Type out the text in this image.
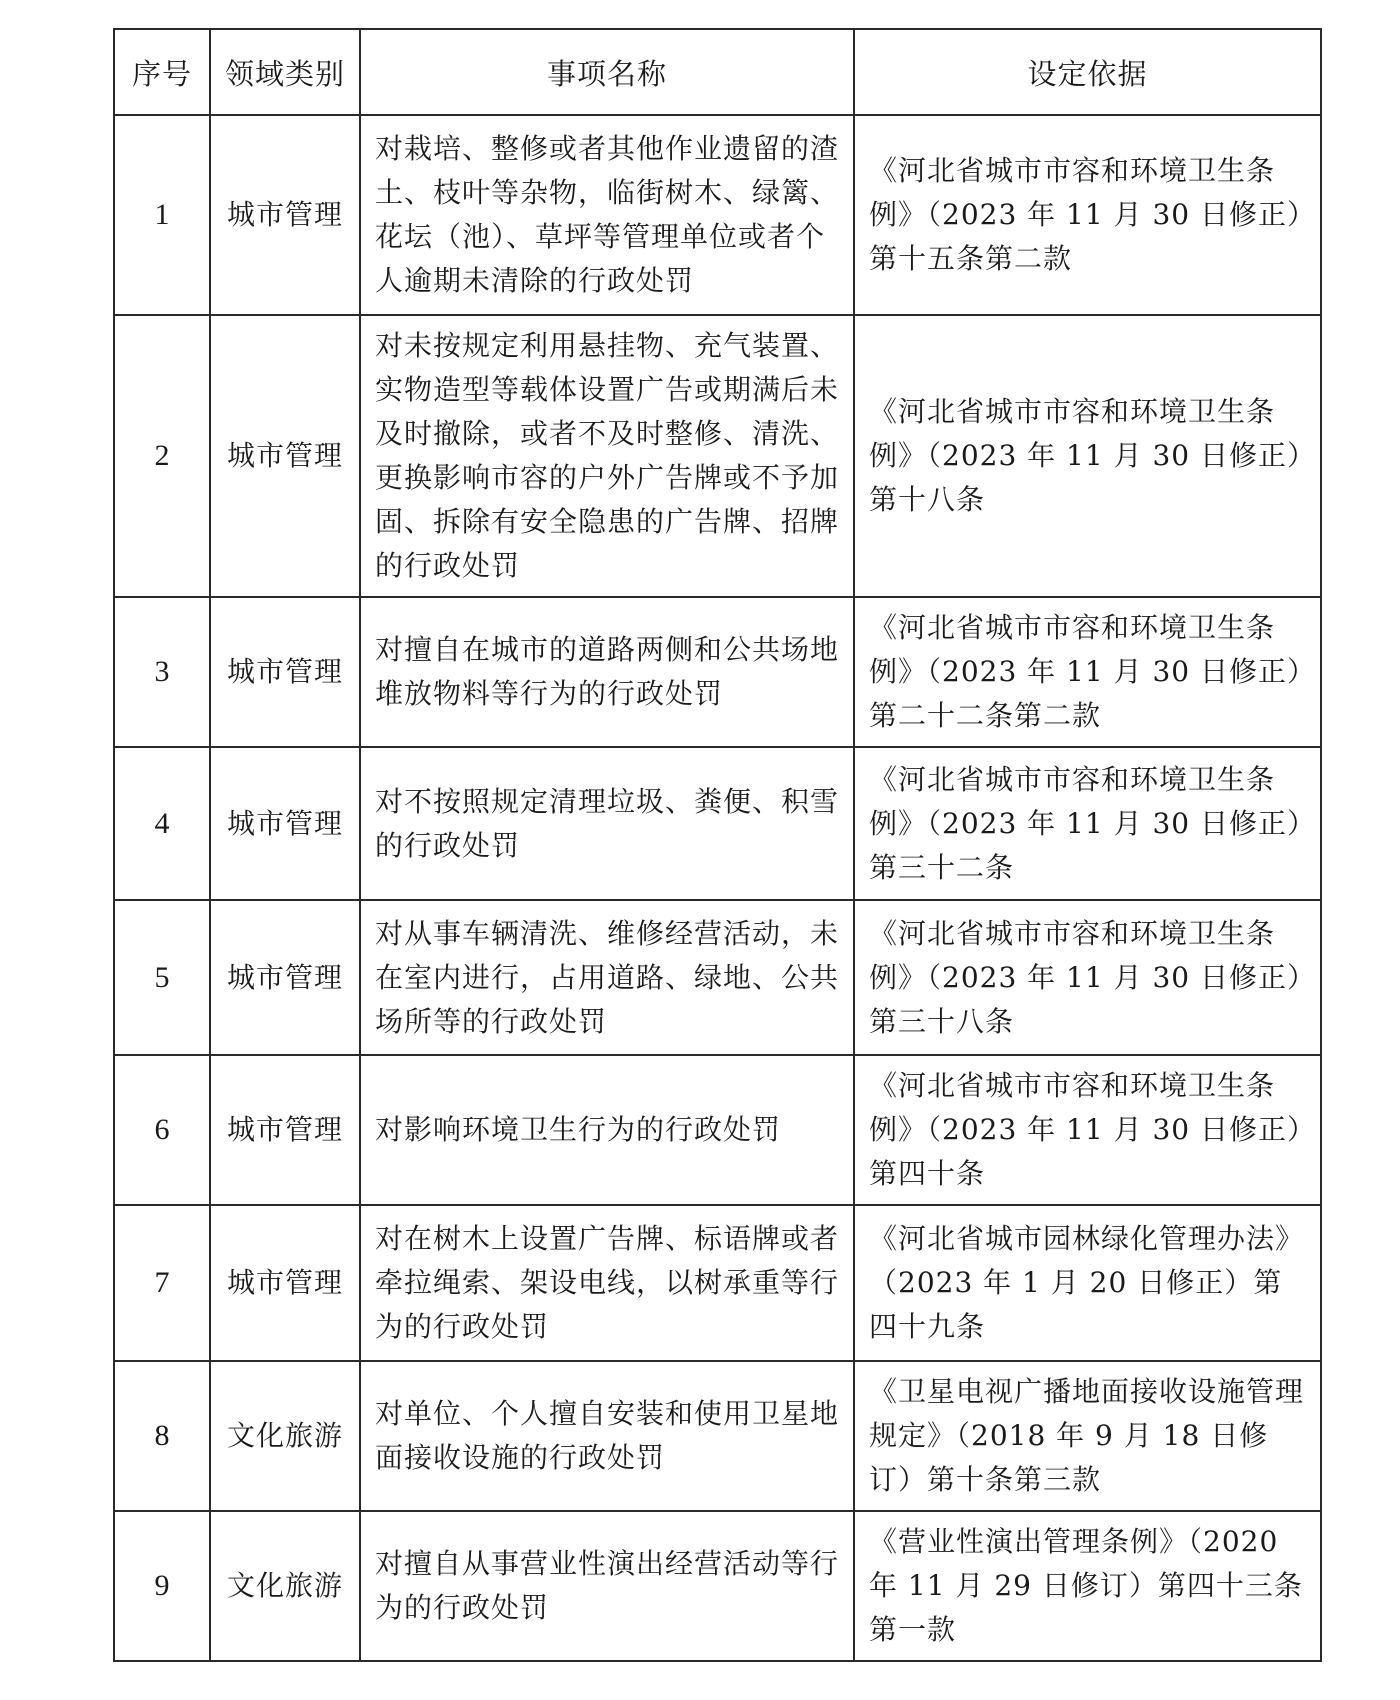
序号	领域类别	事项名称	设定依据
1	城市管理	对栽培、整修或者其他作业遗留的渣土、枝叶等杂物，临街树木、绿篱、花坛（池）、草坪等管理单位或者个人逾期未清除的行政处罚	《河北省城市市容和环境卫生条例》（2023 年 11 月 30 日修正）第十五条第二款
2	城市管理	对未按规定利用悬挂物、充气装置、实物造型等载体设置广告或期满后未及时撤除，或者不及时整修、清洗、更换影响市容的户外广告牌或不予加固、拆除有安全隐患的广告牌、招牌的行政处罚	《河北省城市市容和环境卫生条例》（2023 年 11 月 30 日修正）第十八条
3	城市管理	对擅自在城市的道路两侧和公共场地堆放物料等行为的行政处罚	《河北省城市市容和环境卫生条例》（2023 年 11 月 30 日修正）第二十二条第二款
4	城市管理	对不按照规定清理垃圾、粪便、积雪的行政处罚	《河北省城市市容和环境卫生条例》（2023 年 11 月 30 日修正）第三十二条
5	城市管理	对从事车辆清洗、维修经营活动，未在室内进行，占用道路、绿地、公共场所等的行政处罚	《河北省城市市容和环境卫生条例》（2023 年 11 月 30 日修正）第三十八条
6	城市管理	对影响环境卫生行为的行政处罚	《河北省城市市容和环境卫生条例》（2023 年 11 月 30 日修正）第四十条
7	城市管理	对在树木上设置广告牌、标语牌或者牵拉绳索、架设电线，以树承重等行为的行政处罚	《河北省城市园林绿化管理办法》（2023 年 1 月 20 日修正）第四十九条
8	文化旅游	对单位、个人擅自安装和使用卫星地面接收设施的行政处罚	《卫星电视广播地面接收设施管理规定》（2018 年 9 月 18 日修订）第十条第三款
9	文化旅游	对擅自从事营业性演出经营活动等行为的行政处罚	《营业性演出管理条例》（2020 年 11 月 29 日修订）第四十三条第一款
